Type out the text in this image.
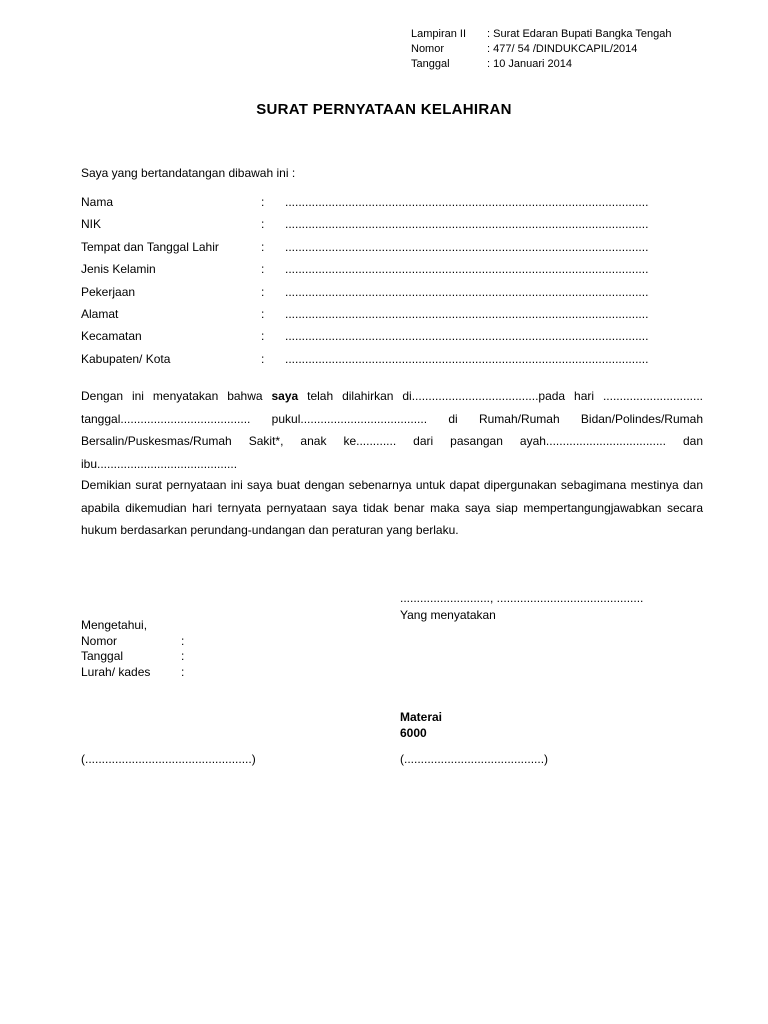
Lampiran II	: Surat Edaran Bupati Bangka Tengah
Nomor	: 477/ 54 /DINDUKCAPIL/2014
Tanggal	: 10 Januari 2014
SURAT PERNYATAAN KELAHIRAN
Saya yang bertandatangan dibawah ini :
Nama	:	.............................................................................................................
NIK	:	.............................................................................................................
Tempat dan Tanggal Lahir	:	.............................................................................................................
Jenis Kelamin	:	.............................................................................................................
Pekerjaan	:	.............................................................................................................
Alamat	:	.............................................................................................................
Kecamatan	:	.............................................................................................................
Kabupaten/ Kota	:	.............................................................................................................
Dengan ini menyatakan bahwa saya telah dilahirkan di......................................pada hari .............................. tanggal....................................... pukul...................................... di Rumah/Rumah Bidan/Polindes/Rumah Bersalin/Puskesmas/Rumah Sakit*, anak ke............ dari pasangan ayah.................................... dan ibu..........................................
Demikian surat pernyataan ini saya buat dengan sebenarnya untuk dapat dipergunakan sebagimana mestinya dan apabila dikemudian hari ternyata pernyataan saya tidak benar maka saya siap mempertangungjawabkan secara hukum berdasarkan perundang-undangan dan peraturan yang berlaku.
..........................., ............................................
Yang menyatakan
Mengetahui,
Nomor	:
Tanggal	:
Lurah/ kades	:
Materai
6000
(..................................................)	(..........................................)
